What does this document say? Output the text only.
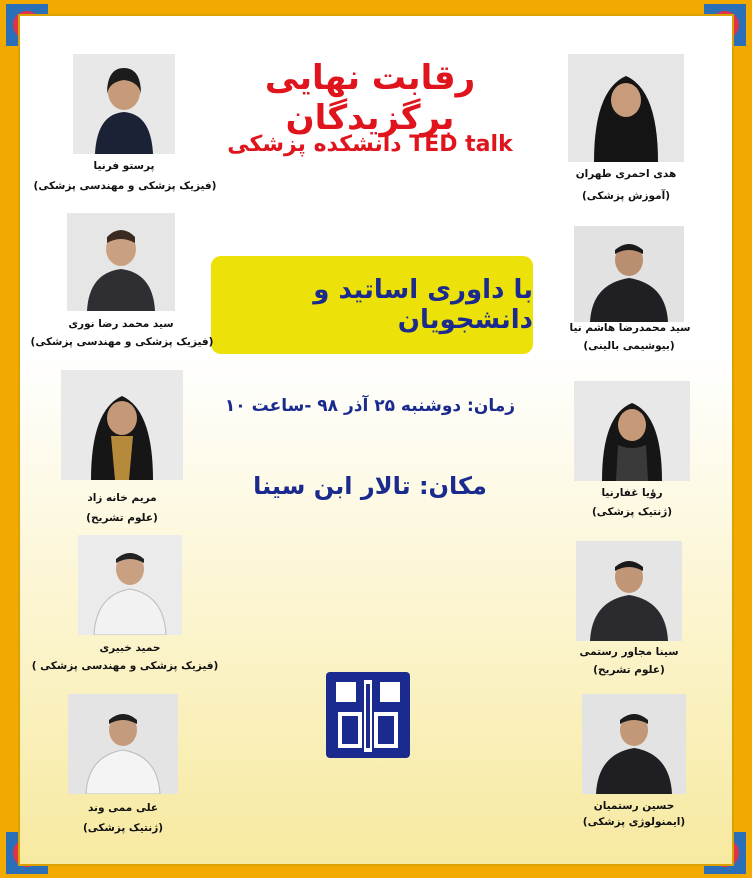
رقابت نهایی برگزیدگان
TED talk دانشکده پزشکی
با داوری اساتید و دانشجویان
زمان: دوشنبه ۲۵ آذر ۹۸ -ساعت ۱۰
مکان: تالار ابن سینا
پرستو فرنیا
(فیزیک پزشکی و مهندسی پزشکی)
سید محمد رضا نوری
(فیزیک پزشکی و مهندسی پزشکی)
مریم خانه زاد
(علوم تشریح)
حمید خبیری
(فیزیک پزشکی و مهندسی پزشکی )
علی ممی وند
(ژنتیک پزشکی)
هدی احمری طهران
(آموزش پزشکی)
سید محمدرضا هاشم نیا
(بیوشیمی بالینی)
رؤیا غفارنیا
(ژنتیک پزشکی)
سینا مجاور رستمی
(علوم تشریح)
حسین رستمیان
(ایمنولوژی پزشکی)
